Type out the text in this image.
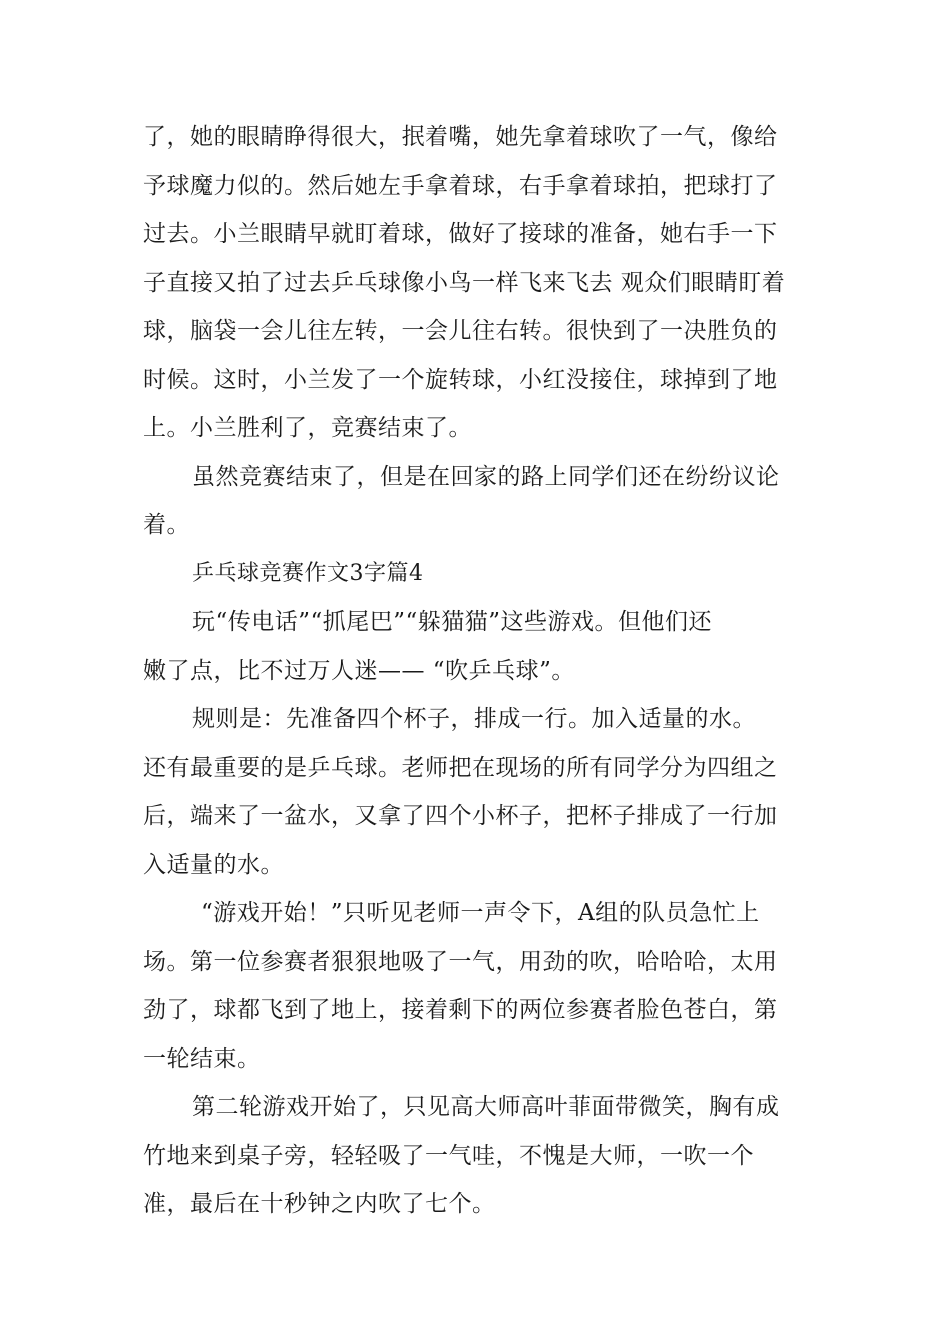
了，她的眼睛睁得很大，抿着嘴，她先拿着球吹了一气，像给
予球魔力似的。然后她左手拿着球，右手拿着球拍，把球打了
过去。小兰眼睛早就盯着球，做好了接球的准备，她右手一下
子直接又拍了过去乒乓球像小鸟一样飞来飞去 观众们眼睛盯着
球，脑袋一会儿往左转，一会儿往右转。很快到了一决胜负的
时候。这时，小兰发了一个旋转球，小红没接住，球掉到了地
上。小兰胜利了，竞赛结束了。

虽然竞赛结束了，但是在回家的路上同学们还在纷纷议论
着。

乒乓球竞赛作文3字篇4

玩“传电话”“抓尾巴”“躲猫猫”这些游戏。但他们还
嫩了点，比不过万人迷—— “吹乒乓球”。

规则是：先准备四个杯子，排成一行。加入适量的水。

还有最重要的是乒乓球。老师把在现场的所有同学分为四组之
后，端来了一盆水，又拿了四个小杯子，把杯子排成了一行加
入适量的水。

“游戏开始！”只听见老师一声令下，A组的队员急忙上
场。第一位参赛者狠狠地吸了一气，用劲的吹，哈哈哈，太用
劲了，球都飞到了地上，接着剩下的两位参赛者脸色苍白，第
一轮结束。

第二轮游戏开始了，只见高大师高叶菲面带微笑，胸有成
竹地来到桌子旁，轻轻吸了一气哇，不愧是大师，一吹一个
准，最后在十秒钟之内吹了七个。
